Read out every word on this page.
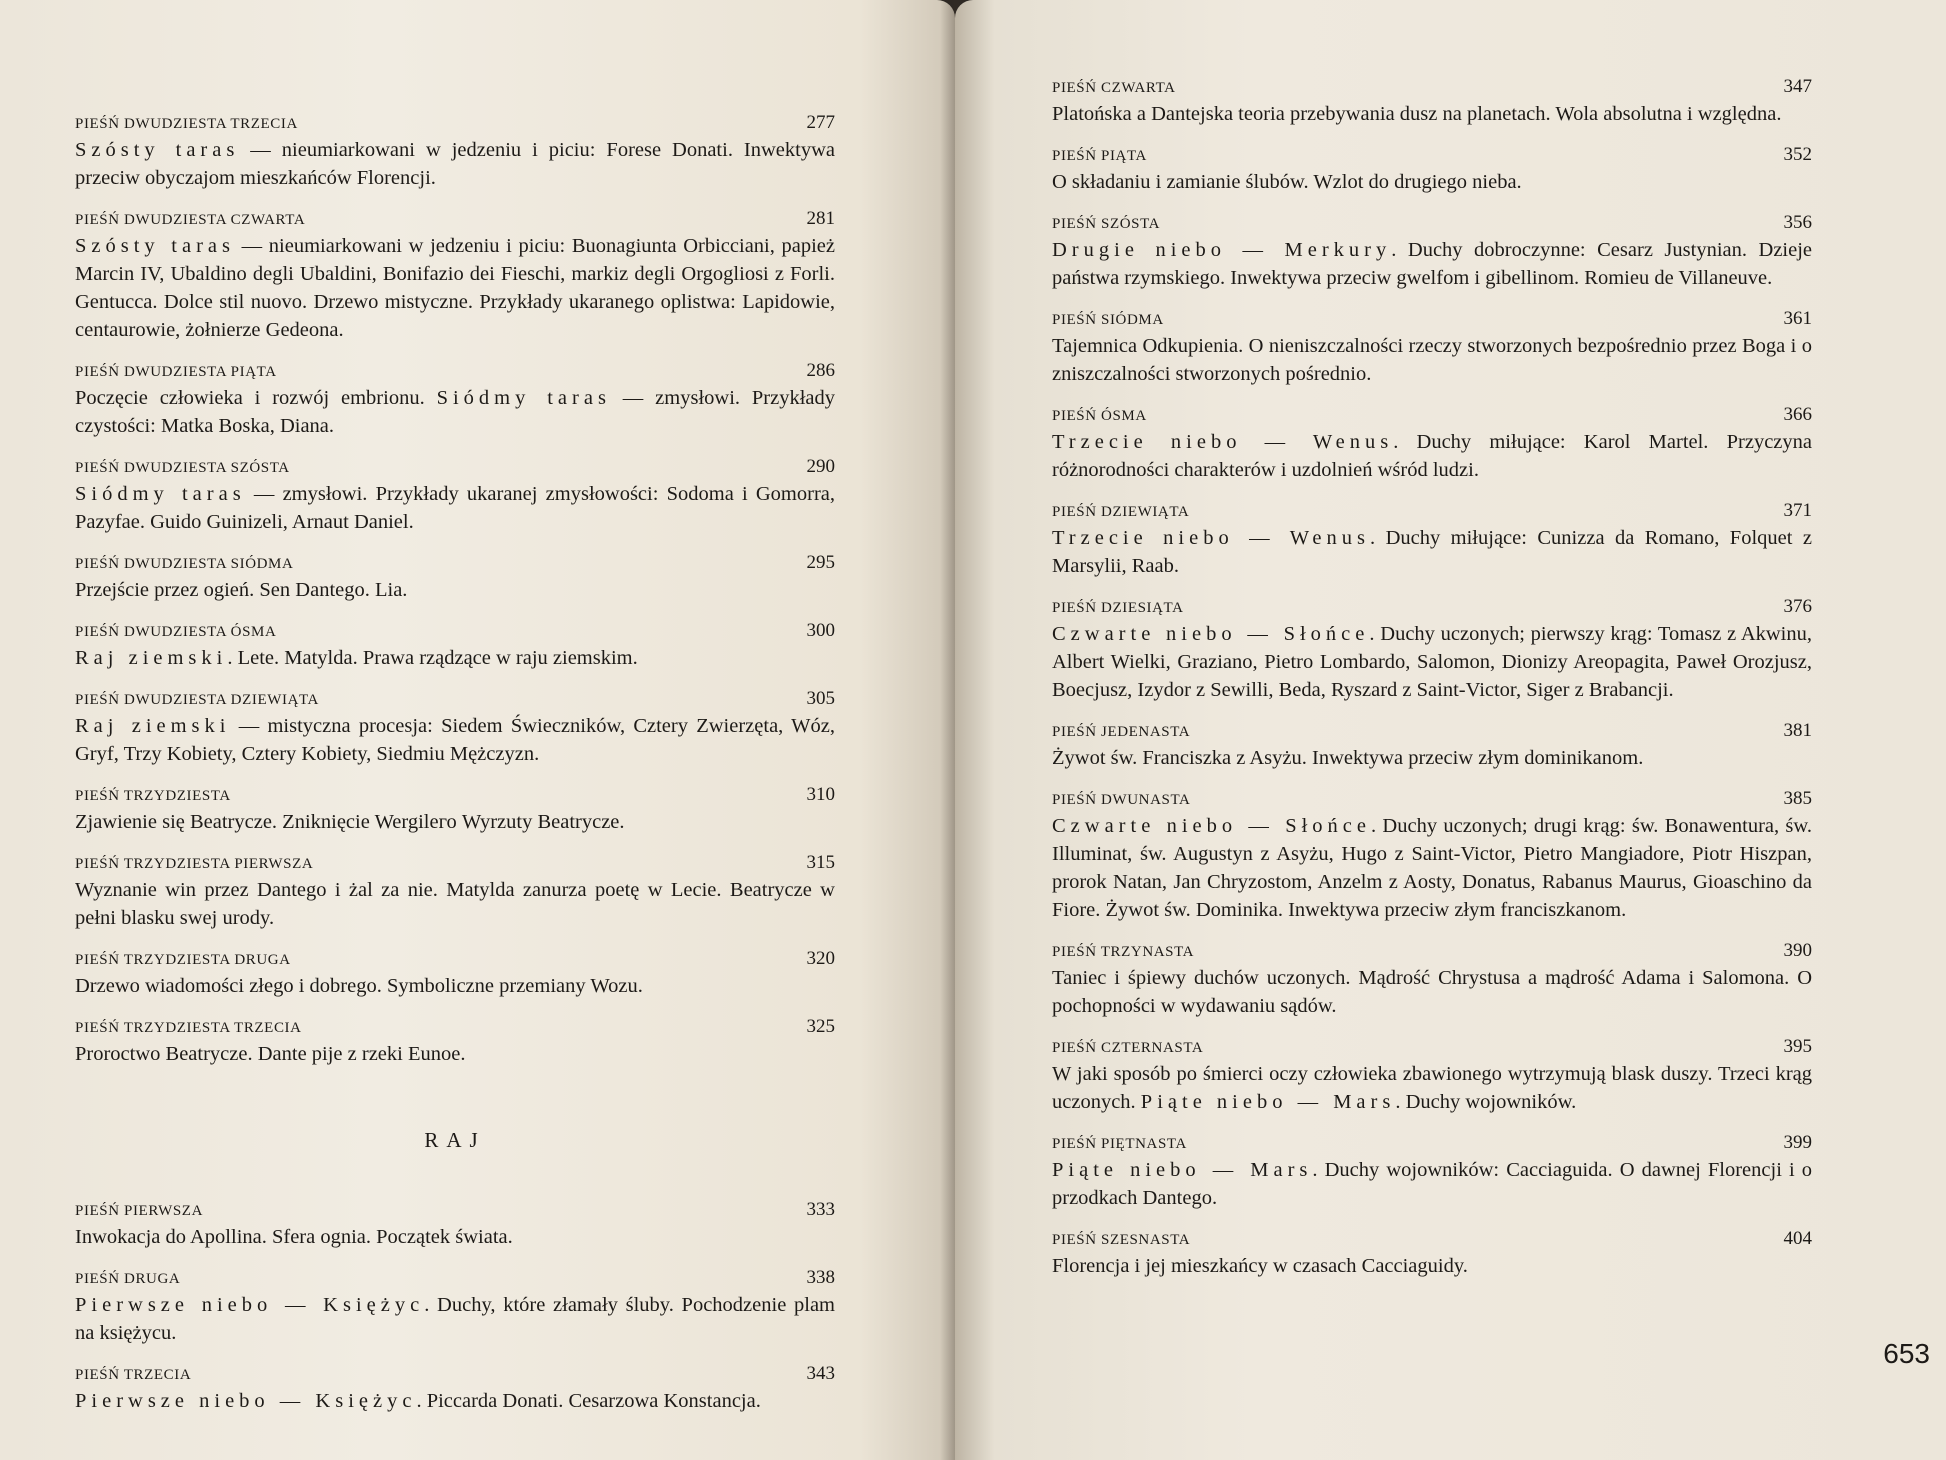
PIEŚŃ DWUDZIESTA TRZECIA	277
Szósty taras — nieumiarkowani w jedzeniu i piciu: Forese Donati. Inwektywa przeciw obyczajom mieszkańców Florencji.
PIEŚŃ DWUDZIESTA CZWARTA	281
Szósty taras — nieumiarkowani w jedzeniu i piciu: Buonagiunta Orbicciani, papież Marcin IV, Ubaldino degli Ubaldini, Bonifazio dei Fieschi, markiz degli Orgogliosi z Forli. Gentucca. Dolce stil nuovo. Drzewo mistyczne. Przykłady ukaranego oplistwa: Lapidowie, centaurowie, żołnierze Gedeona.
PIEŚŃ DWUDZIESTA PIĄTA	286
Poczęcie człowieka i rozwój embrionu. Siódmy taras — zmysłowi. Przykłady czystości: Matka Boska, Diana.
PIEŚŃ DWUDZIESTA SZÓSTA	290
Siódmy taras — zmysłowi. Przykłady ukaranej zmysłowości: Sodoma i Gomorra, Pazyfae. Guido Guinizeli, Arnaut Daniel.
PIEŚŃ DWUDZIESTA SIÓDMA	295
Przejście przez ogień. Sen Dantego. Lia.
PIEŚŃ DWUDZIESTA ÓSMA	300
Raj ziemski. Lete. Matylda. Prawa rządzące w raju ziemskim.
PIEŚŃ DWUDZIESTA DZIEWIĄTA	305
Raj ziemski — mistyczna procesja: Siedem Świeczników, Cztery Zwierzęta, Wóz, Gryf, Trzy Kobiety, Cztery Kobiety, Siedmiu Mężczyzn.
PIEŚŃ TRZYDZIESTA	310
Zjawienie się Beatrycze. Zniknięcie Wergileго Wyrzuty Beatrycze.
PIEŚŃ TRZYDZIESTA PIERWSZA	315
Wyznanie win przez Dantego i żal za nie. Matylda zanurza poetę w Lecie. Beatrycze w pełni blasku swej urody.
PIEŚŃ TRZYDZIESTA DRUGA	320
Drzewo wiadomości złego i dobrego. Symboliczne przemiany Wozu.
PIEŚŃ TRZYDZIESTA TRZECIA	325
Proroctwo Beatrycze. Dante pije z rzeki Eunoe.
RAJ
PIEŚŃ PIERWSZA	333
Inwokacja do Apollina. Sfera ognia. Początek świata.
PIEŚŃ DRUGA	338
Pierwsze niebo — Księżyc. Duchy, które złamały śluby. Pochodzenie plam na księżycu.
PIEŚŃ TRZECIA	343
Pierwsze niebo — Księżyc. Piccarda Donati. Cesarzowa Konstancja.
PIEŚŃ CZWARTA	347
Platońska a Dantejska teoria przebywania dusz na planetach. Wola absolutna i względna.
PIEŚŃ PIĄTA	352
O składaniu i zamianie ślubów. Wzlot do drugiego nieba.
PIEŚŃ SZÓSTA	356
Drugie niebo — Merkury. Duchy dobroczynne: Cesarz Justynian. Dzieje państwa rzymskiego. Inwektywa przeciw gwelfom i gibellinom. Romieu de Villaneuve.
PIEŚŃ SIÓDMA	361
Tajemnica Odkupienia. O nieniszczalności rzeczy stworzonych bezpośrednio przez Boga i o zniszczalności stworzonych pośrednio.
PIEŚŃ ÓSMA	366
Trzecie niebo — Wenus. Duchy miłujące: Karol Martel. Przyczyna różnorodności charakterów i uzdolnień wśród ludzi.
PIEŚŃ DZIEWIĄTA	371
Trzecie niebo — Wenus. Duchy miłujące: Cunizza da Romano, Folquet z Marsylii, Raab.
PIEŚŃ DZIESIĄTA	376
Czwarte niebo — Słońce. Duchy uczonych; pierwszy krąg: Tomasz z Akwinu, Albert Wielki, Graziano, Pietro Lombardo, Salomon, Dionizy Areopagita, Paweł Orozjusz, Boecjusz, Izydor z Sewilli, Beda, Ryszard z Saint-Victor, Siger z Brabancji.
PIEŚŃ JEDENASTA	381
Żywot św. Franciszka z Asyżu. Inwektywa przeciw złym dominikanom.
PIEŚŃ DWUNASTA	385
Czwarte niebo — Słońce. Duchy uczonych; drugi krąg: św. Bonawentura, św. Illuminat, św. Augustyn z Asyżu, Hugo z Saint-Victor, Pietro Mangiadore, Piotr Hiszpan, prorok Natan, Jan Chryzostom, Anzelm z Aosty, Donatus, Rabanus Maurus, Gioaschino da Fiore. Żywot św. Dominika. Inwektywa przeciw złym franciszkanom.
PIEŚŃ TRZYNASTA	390
Taniec i śpiewy duchów uczonych. Mądrość Chrystusa a mądrość Adama i Salomona. O pochopności w wydawaniu sądów.
PIEŚŃ CZTERNASTA	395
W jaki sposób po śmierci oczy człowieka zbawionego wytrzymują blask duszy. Trzeci krąg uczonych. Piąte niebo — Mars. Duchy wojowników.
PIEŚŃ PIĘTNASTA	399
Piąte niebo — Mars. Duchy wojowników: Cacciaguida. O dawnej Florencji i o przodkach Dantego.
PIEŚŃ SZESNASTA	404
Florencja i jej mieszkańcy w czasach Cacciaguidy.
653
